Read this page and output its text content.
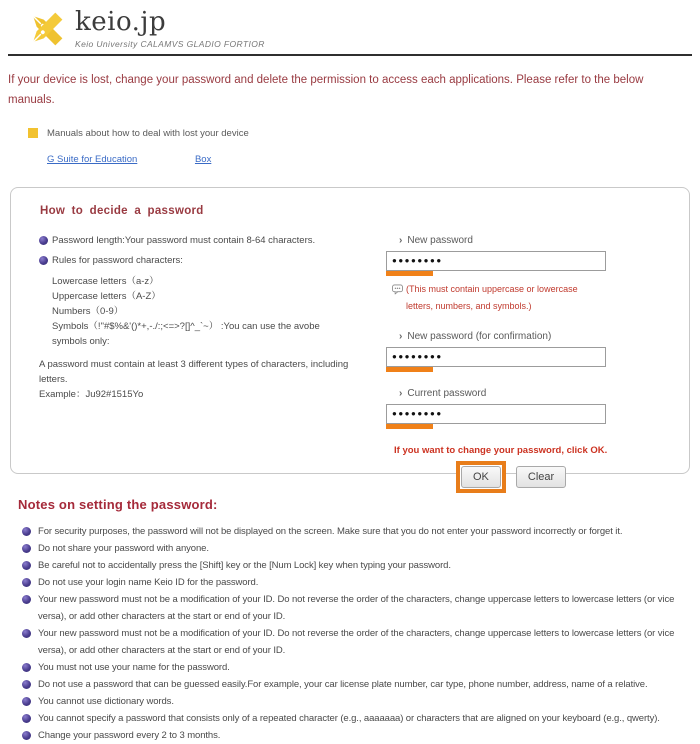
keio.jp
Keio University CALAMVS GLADIO FORTIOR
If your device is lost, change your password and delete the permission to access each applications. Please refer to the below manuals.
Manuals about how to deal with lost your device
G Suite for Education	Box
How to decide a password
Password length:Your password must contain 8-64 characters.
Rules for password characters:
Lowercase letters（a-z）
Uppercase letters（A-Z）
Numbers（0-9）
Symbols（!"#$%&'()*+,-./:;<=>?[]^_`~） :You can use the avobe symbols only:
A password must contain at least 3 different types of characters, including letters.
Example：Ju92#1515Yo
› New password
●●●●●●●●
(This must contain uppercase or lowercase letters, numbers, and symbols.)
› New password (for confirmation)
●●●●●●●●
› Current password
●●●●●●●●
If you want to change your password, click OK.
OK	Clear
Notes on setting the password:
For security purposes, the password will not be displayed on the screen. Make sure that you do not enter your password incorrectly or forget it.
Do not share your password with anyone.
Be careful not to accidentally press the [Shift] key or the [Num Lock] key when typing your password.
Do not use your login name Keio ID for the password.
Your new password must not be a modification of your ID. Do not reverse the order of the characters, change uppercase letters to lowercase letters (or vice versa), or add other characters at the start or end of your ID.
Your new password must not be a modification of your ID. Do not reverse the order of the characters, change uppercase letters to lowercase letters (or vice versa), or add other characters at the start or end of your ID.
You must not use your name for the password.
Do not use a password that can be guessed easily.For example, your car license plate number, car type, phone number, address, name of a relative.
You cannot use dictionary words.
You cannot specify a password that consists only of a repeated character (e.g., aaaaaaa) or characters that are aligned on your keyboard (e.g., qwerty).
Change your password every 2 to 3 months.
